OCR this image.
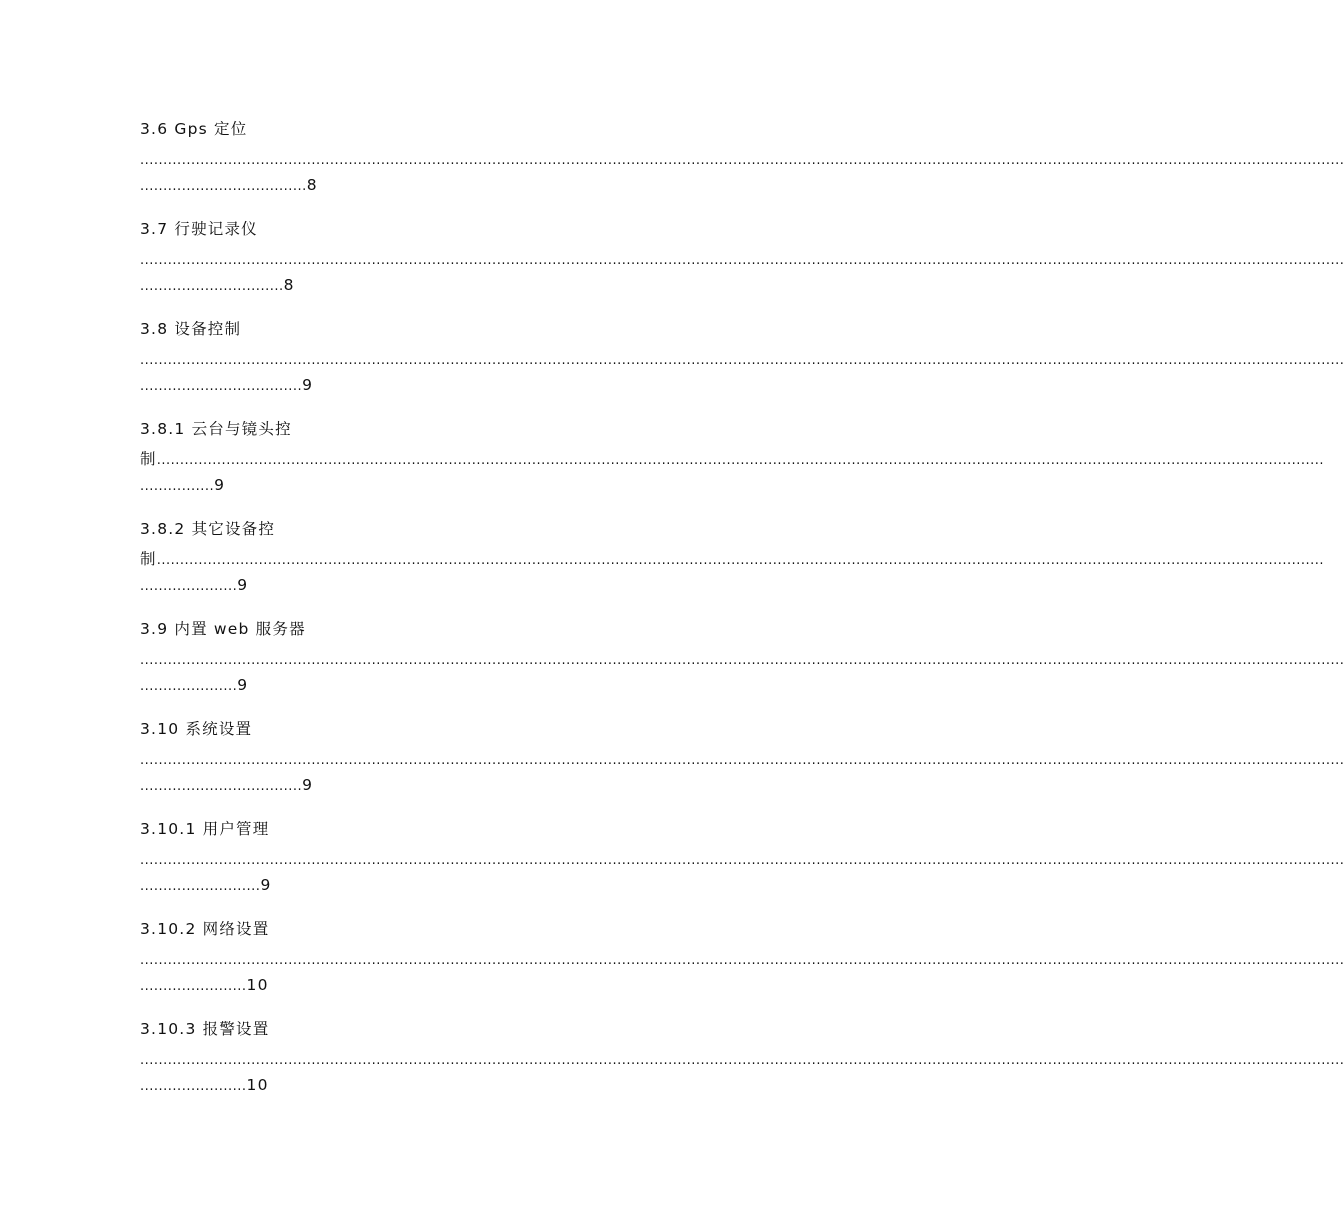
3.6 Gps 定位
....................................................................................................................................................................................................................................................................
....................................8
3.7 行驶记录仪
....................................................................................................................................................................................................................................................................
...............................8
3.8 设备控制
....................................................................................................................................................................................................................................................................
...................................9
3.8.1 云台与镜头控
制............................................................................................................................................................................................................................................................
................9
3.8.2 其它设备控
制............................................................................................................................................................................................................................................................
.....................9
3.9 内置 web 服务器
....................................................................................................................................................................................................................................................................
.....................9
3.10 系统设置
....................................................................................................................................................................................................................................................................
...................................9
3.10.1 用户管理
....................................................................................................................................................................................................................................................................
..........................9
3.10.2 网络设置
....................................................................................................................................................................................................................................................................
.......................10
3.10.3 报警设置
....................................................................................................................................................................................................................................................................
.......................10
